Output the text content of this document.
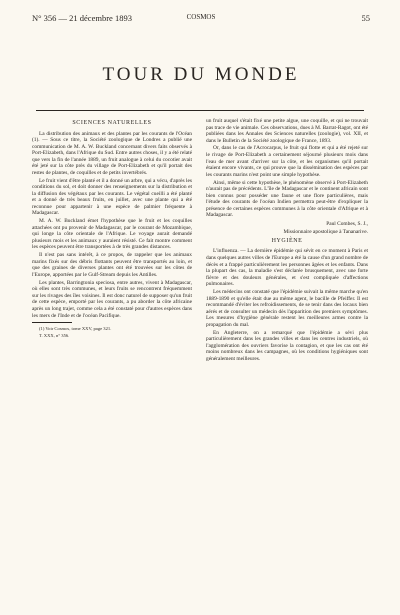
N° 356 — 21 décembre 1893	COSMOS	55
TOUR DU MONDE
SCIENCES NATURELLES

La distribution des animaux et des plantes par les courants de l'Océan (1). — Sous ce titre, la Société zoologique de Londres a publié une communication de M. A. W. Buckland concernant divers faits observés à Port-Elizabeth, dans l'Afrique du Sud. Entre autres choses, il y a été relaté que vers la fin de l'année 1889, un fruit analogue à celui du cocotier avait été jeté sur la côte près du village de Port-Elizabeth et qu'il portait des restes de plantes, de coquilles et de petits invertébrés.

Le fruit vient d'être planté et il a donné un arbre, qui a vécu, d'après les conditions du sol, et doit donner des renseignements sur la distribution et la diffusion des végétaux par les courants. Le végétal cueilli a été planté et a donné de très beaux fruits, en juillet, avec une plante qui a été reconnue pour appartenir à une espèce de palmier fréquente à Madagascar.

M. A. W. Buckland émet l'hypothèse que le fruit et les coquilles attachées ont pu provenir de Madagascar, par le courant de Mozambique, qui longe la côte orientale de l'Afrique. Le voyage aurait demandé plusieurs mois et les animaux y auraient résisté. Ce fait montre comment les espèces peuvent être transportées à de très grandes distances.

Il n'est pas sans intérêt, à ce propos, de rappeler que les animaux marins fixés sur des débris flottants peuvent être transportés au loin, et que des graines de diverses plantes ont été trouvées sur les côtes de l'Europe, apportées par le Gulf-Stream depuis les Antilles.

Les plantes, Barringtonia speciosa, entre autres, vivent à Madagascar, où elles sont très communes, et leurs fruits se rencontrent fréquemment sur les rivages des îles voisines. Il est donc naturel de supposer qu'un fruit de cette espèce, emporté par les courants, a pu aborder la côte africaine après un long trajet, comme cela a été constaté pour d'autres espèces dans les mers de l'Inde et de l'océan Pacifique.

(1) Voir Cosmos, tome XXV, page 321.

T. XXX, n° 356.

un fruit auquel s'était fixé une petite algue, une coquille, et qui ne trouvait pas trace de vie animale. Ces observations, dues à M. Barrat-Ragot, ont été publiées dans les Annales des Sciences naturelles (zoologie), vol. XII, et dans le Bulletin de la Société zoologique de France, 1893.

Or, dans le cas de l'Acrocarpus, le fruit qui flotte et qui a été rejeté sur le rivage de Port-Elizabeth a certainement séjourné plusieurs mois dans l'eau de mer avant d'arriver sur la côte, et les organismes qu'il portait étaient encore vivants, ce qui prouve que la dissémination des espèces par les courants marins n'est point une simple hypothèse.

Ainsi, même si cette hypothèse, le phénomène observé à Port-Elizabeth n'aurait pas de précédents. L'île de Madagascar et le continent africain sont bien connus pour posséder une faune et une flore particulières, mais l'étude des courants de l'océan Indien permettra peut-être d'expliquer la présence de certaines espèces communes à la côte orientale d'Afrique et à Madagascar.

Paul Combes, S. J.,
Missionnaire apostolique à Tananarive.
HYGIÈNE

L'influenza. — La dernière épidémie qui sévit en ce moment à Paris et dans quelques autres villes de l'Europe a été la cause d'un grand nombre de décès et a frappé particulièrement les personnes âgées et les enfants. Dans la plupart des cas, la maladie s'est déclarée brusquement, avec une forte fièvre et des douleurs générales, et s'est compliquée d'affections pulmonaires.

Les médecins ont constaté que l'épidémie suivait la même marche qu'en 1889-1890 et qu'elle était due au même agent, le bacille de Pfeiffer. Il est recommandé d'éviter les refroidissements, de se tenir dans des locaux bien aérés et de consulter un médecin dès l'apparition des premiers symptômes. Les mesures d'hygiène générale restent les meilleures armes contre la propagation du mal.

En Angleterre, on a remarqué que l'épidémie a sévi plus particulièrement dans les grandes villes et dans les centres industriels, où l'agglomération des ouvriers favorise la contagion, et que les cas ont été moins nombreux dans les campagnes, où les conditions hygiéniques sont généralement meilleures.
